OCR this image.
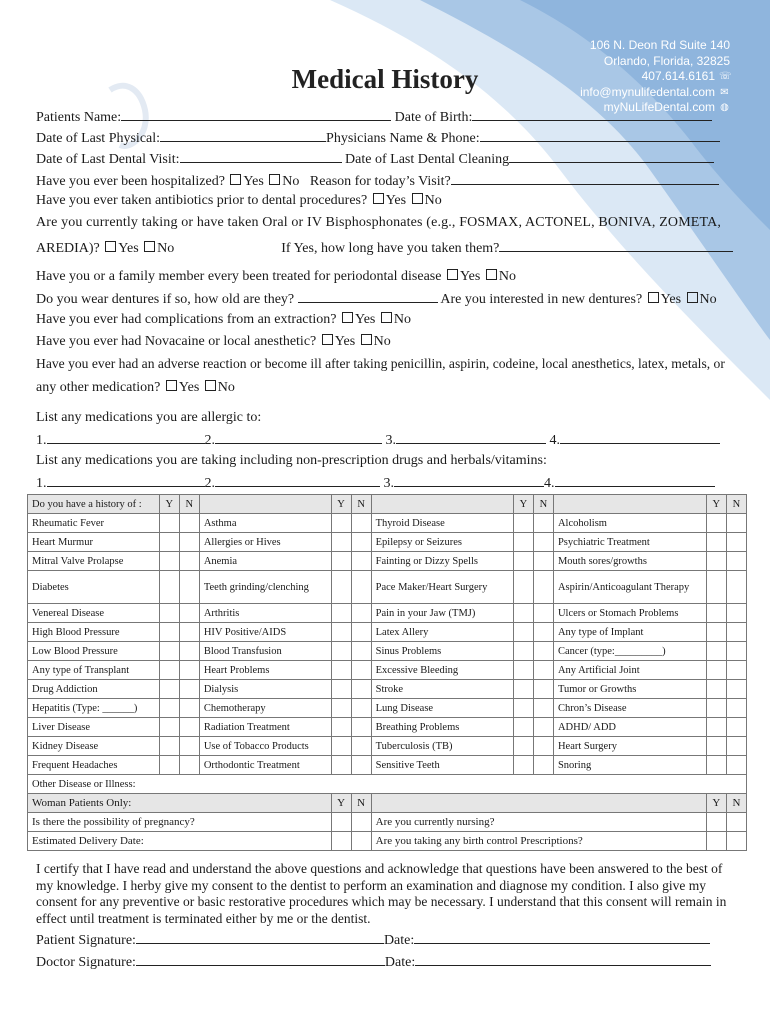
106 N. Deon Rd Suite 140
Orlando, Florida, 32825
407.614.6161 ☏
info@mynulifedental.com ✉
myNuLifeDental.com ◍
Medical History
Patients Name:	Date of Birth:
Date of Last Physical:	Physicians Name & Phone:
Date of Last Dental Visit:	Date of Last Dental Cleaning
Have you ever been hospitalized? Yes No Reason for today’s Visit?
Have you ever taken antibiotics prior to dental procedures? Yes No
Are you currently taking or have taken Oral or IV Bisphosphonates (e.g., FOSMAX, ACTONEL, BONIVA, ZOMETA,
AREDIA)? Yes No	If Yes, how long have you taken them?
Have you or a family member every been treated for periodontal disease Yes No
Do you wear dentures if so, how old are they?	Are you interested in new dentures? Yes No
Have you ever had complications from an extraction? Yes No
Have you ever had Novacaine or local anesthetic? Yes No
Have you ever had an adverse reaction or become ill after taking penicillin, aspirin, codeine, local anesthetics, latex, metals, or
any other medication? Yes No
List any medications you are allergic to:
1.	2.	3.	4.
List any medications you are taking including non-prescription drugs and herbals/vitamins:
1.	2.	3.	4.
Do you have a history of :	Y	N		Y	N		Y	N		Y	N
Rheumatic Fever			Asthma			Thyroid Disease			Alcoholism		
Heart Murmur			Allergies or Hives			Epilepsy or Seizures			Psychiatric Treatment		
Mitral Valve Prolapse			Anemia			Fainting or Dizzy Spells			Mouth sores/growths		
Diabetes			Teeth grinding/clenching			Pace Maker/Heart Surgery			Aspirin/Anticoagulant Therapy		
Venereal Disease			Arthritis			Pain in your Jaw (TMJ)			Ulcers or Stomach Problems		
High Blood Pressure			HIV Positive/AIDS			Latex Allery			Any type of Implant		
Low Blood Pressure			Blood Transfusion			Sinus Problems			Cancer (type:_________)		
Any type of Transplant			Heart Problems			Excessive Bleeding			Any Artificial Joint		
Drug Addiction			Dialysis			Stroke			Tumor or Growths		
Hepatitis (Type: ______)			Chemotherapy			Lung Disease			Chron’s Disease		
Liver Disease			Radiation Treatment			Breathing Problems			ADHD/ ADD		
Kidney Disease			Use of Tobacco Products			Tuberculosis (TB)			Heart Surgery		
Frequent Headaches			Orthodontic Treatment			Sensitive Teeth			Snoring		
Other Disease or Illness:											
Woman Patients Only:				Y	N					Y	N
Is there the possibility of pregnancy?						Are you currently nursing?					
Estimated Delivery Date:						Are you taking any birth control Prescriptions?					
I certify that I have read and understand the above questions and acknowledge that questions have been answered to the best of my knowledge. I herby give my consent to the dentist to perform an examination and diagnose my condition. I also give my consent for any preventive or basic restorative procedures which may be necessary. I understand that this consent will remain in effect until treatment is terminated either by me or the dentist.
Patient Signature:	Date:
Doctor Signature:	Date:
